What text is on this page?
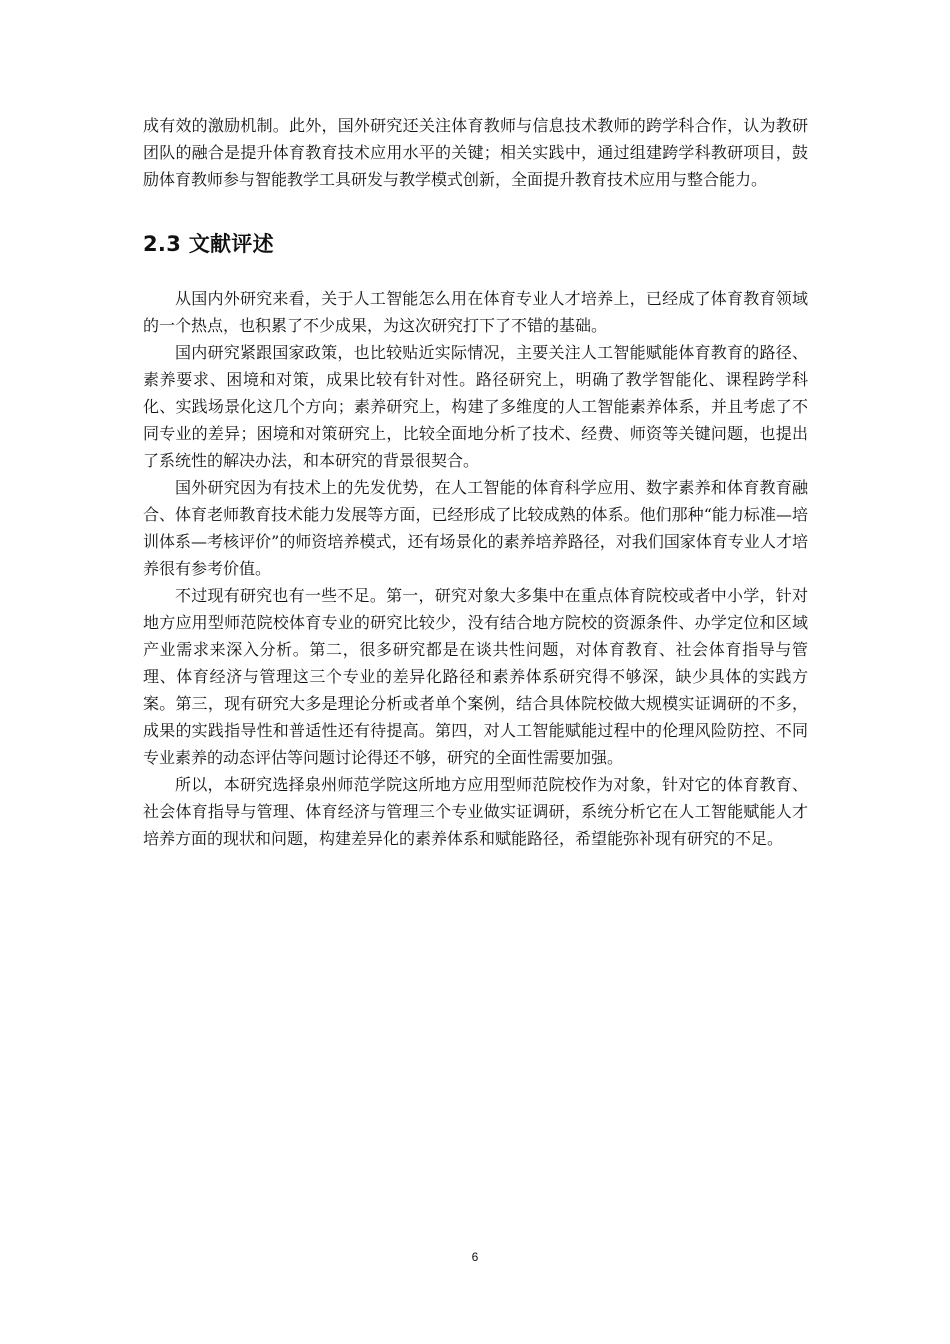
成有效的激励机制。此外，国外研究还关注体育教师与信息技术教师的跨学科合作，认为教研团队的融合是提升体育教育技术应用水平的关键；相关实践中，通过组建跨学科教研项目，鼓励体育教师参与智能教学工具研发与教学模式创新，全面提升教育技术应用与整合能力。

2.3 文献评述

从国内外研究来看，关于人工智能怎么用在体育专业人才培养上，已经成了体育教育领域的一个热点，也积累了不少成果，为这次研究打下了不错的基础。

国内研究紧跟国家政策，也比较贴近实际情况，主要关注人工智能赋能体育教育的路径、素养要求、困境和对策，成果比较有针对性。路径研究上，明确了教学智能化、课程跨学科化、实践场景化这几个方向；素养研究上，构建了多维度的人工智能素养体系，并且考虑了不同专业的差异；困境和对策研究上，比较全面地分析了技术、经费、师资等关键问题，也提出了系统性的解决办法，和本研究的背景很契合。

国外研究因为有技术上的先发优势，在人工智能的体育科学应用、数字素养和体育教育融合、体育老师教育技术能力发展等方面，已经形成了比较成熟的体系。他们那种“能力标准—培训体系—考核评价”的师资培养模式，还有场景化的素养培养路径，对我们国家体育专业人才培养很有参考价值。

不过现有研究也有一些不足。第一，研究对象大多集中在重点体育院校或者中小学，针对地方应用型师范院校体育专业的研究比较少，没有结合地方院校的资源条件、办学定位和区域产业需求来深入分析。第二，很多研究都是在谈共性问题，对体育教育、社会体育指导与管理、体育经济与管理这三个专业的差异化路径和素养体系研究得不够深，缺少具体的实践方案。第三，现有研究大多是理论分析或者单个案例，结合具体院校做大规模实证调研的不多，成果的实践指导性和普适性还有待提高。第四，对人工智能赋能过程中的伦理风险防控、不同专业素养的动态评估等问题讨论得还不够，研究的全面性需要加强。

所以，本研究选择泉州师范学院这所地方应用型师范院校作为对象，针对它的体育教育、社会体育指导与管理、体育经济与管理三个专业做实证调研，系统分析它在人工智能赋能人才培养方面的现状和问题，构建差异化的素养体系和赋能路径，希望能弥补现有研究的不足。

6
